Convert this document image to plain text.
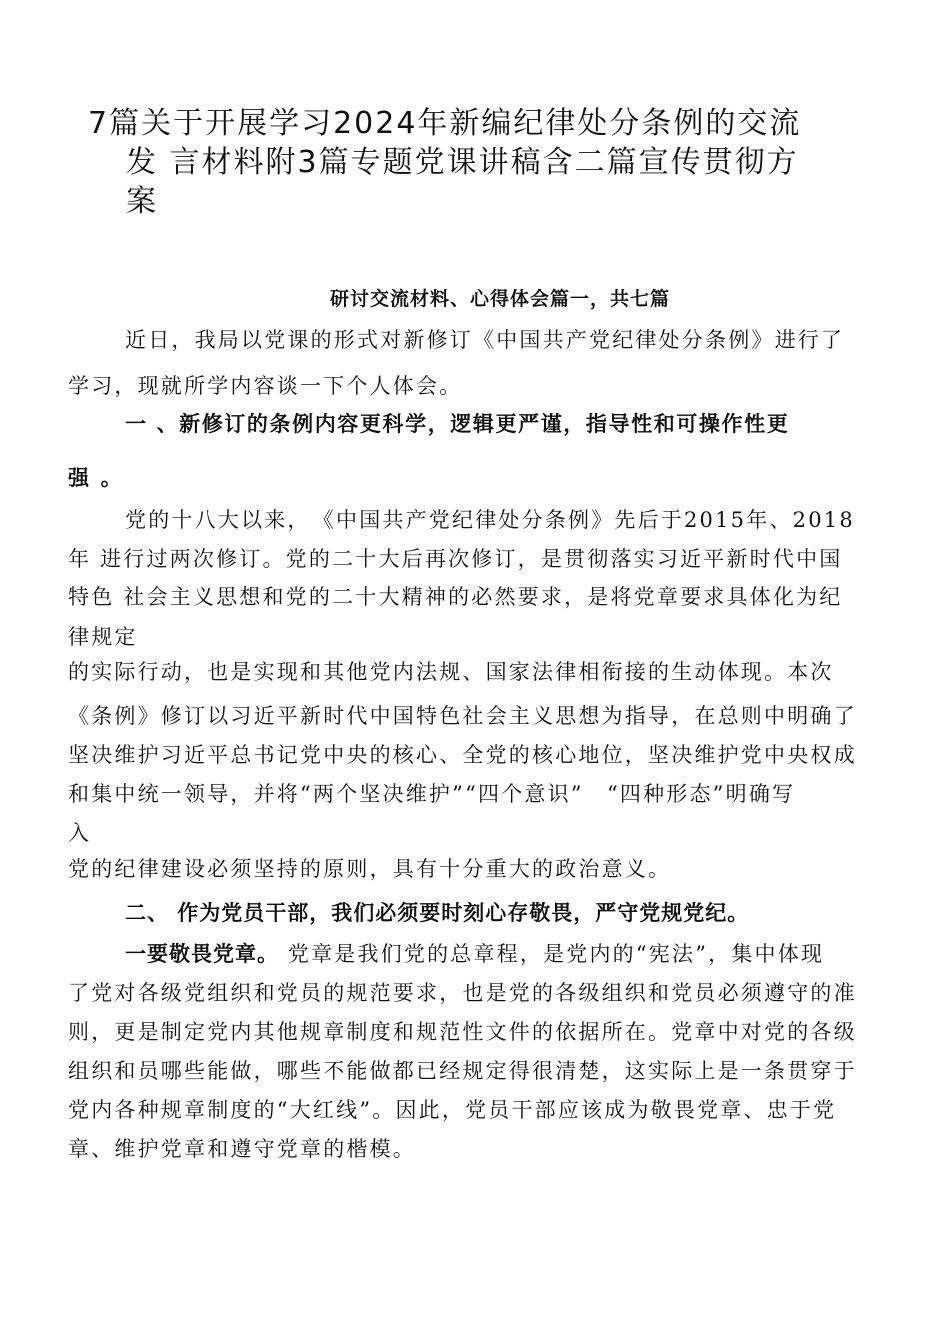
7篇关于开展学习2024年新编纪律处分条例的交流
发 言材料附3篇专题党课讲稿含二篇宣传贯彻方
案
研讨交流材料、心得体会篇一，共七篇
近日，我局以党课的形式对新修订《中国共产党纪律处分条例》进行了
学习，现就所学内容谈一下个人体会。
一 、新修订的条例内容更科学，逻辑更严谨，指导性和可操作性更
强 。
党的十八大以来，　《中国共产党纪律处分条例》先后于2015年、2018
年 进行过两次修订。党的二十大后再次修订，是贯彻落实习近平新时代中国
特色 社会主义思想和党的二十大精神的必然要求，是将党章要求具体化为纪
律规定
的实际行动，也是实现和其他党内法规、国家法律相衔接的生动体现。本次
《条例》修订以习近平新时代中国特色社会主义思想为指导，在总则中明确了
坚决维护习近平总书记党中央的核心、全党的核心地位，坚决维护党中央权成
和集中统一领导，并将“两个坚决维护”“四个意识”　“四种形态”明确写
入
党的纪律建设必须坚持的原则，具有十分重大的政治意义。
二、 作为党员干部，我们必须要时刻心存敬畏，严守党规党纪。
一要敬畏党章。 党章是我们党的总章程，是党内的“宪法”，集中体现
了党对各级党组织和党员的规范要求，也是党的各级组织和党员必须遵守的准
则，更是制定党内其他规章制度和规范性文件的依据所在。党章中对党的各级
组织和员哪些能做，哪些不能做都已经规定得很清楚，这实际上是一条贯穿于
党内各种规章制度的“大红线”。因此，党员干部应该成为敬畏党章、忠于党
章、维护党章和遵守党章的楷模。
